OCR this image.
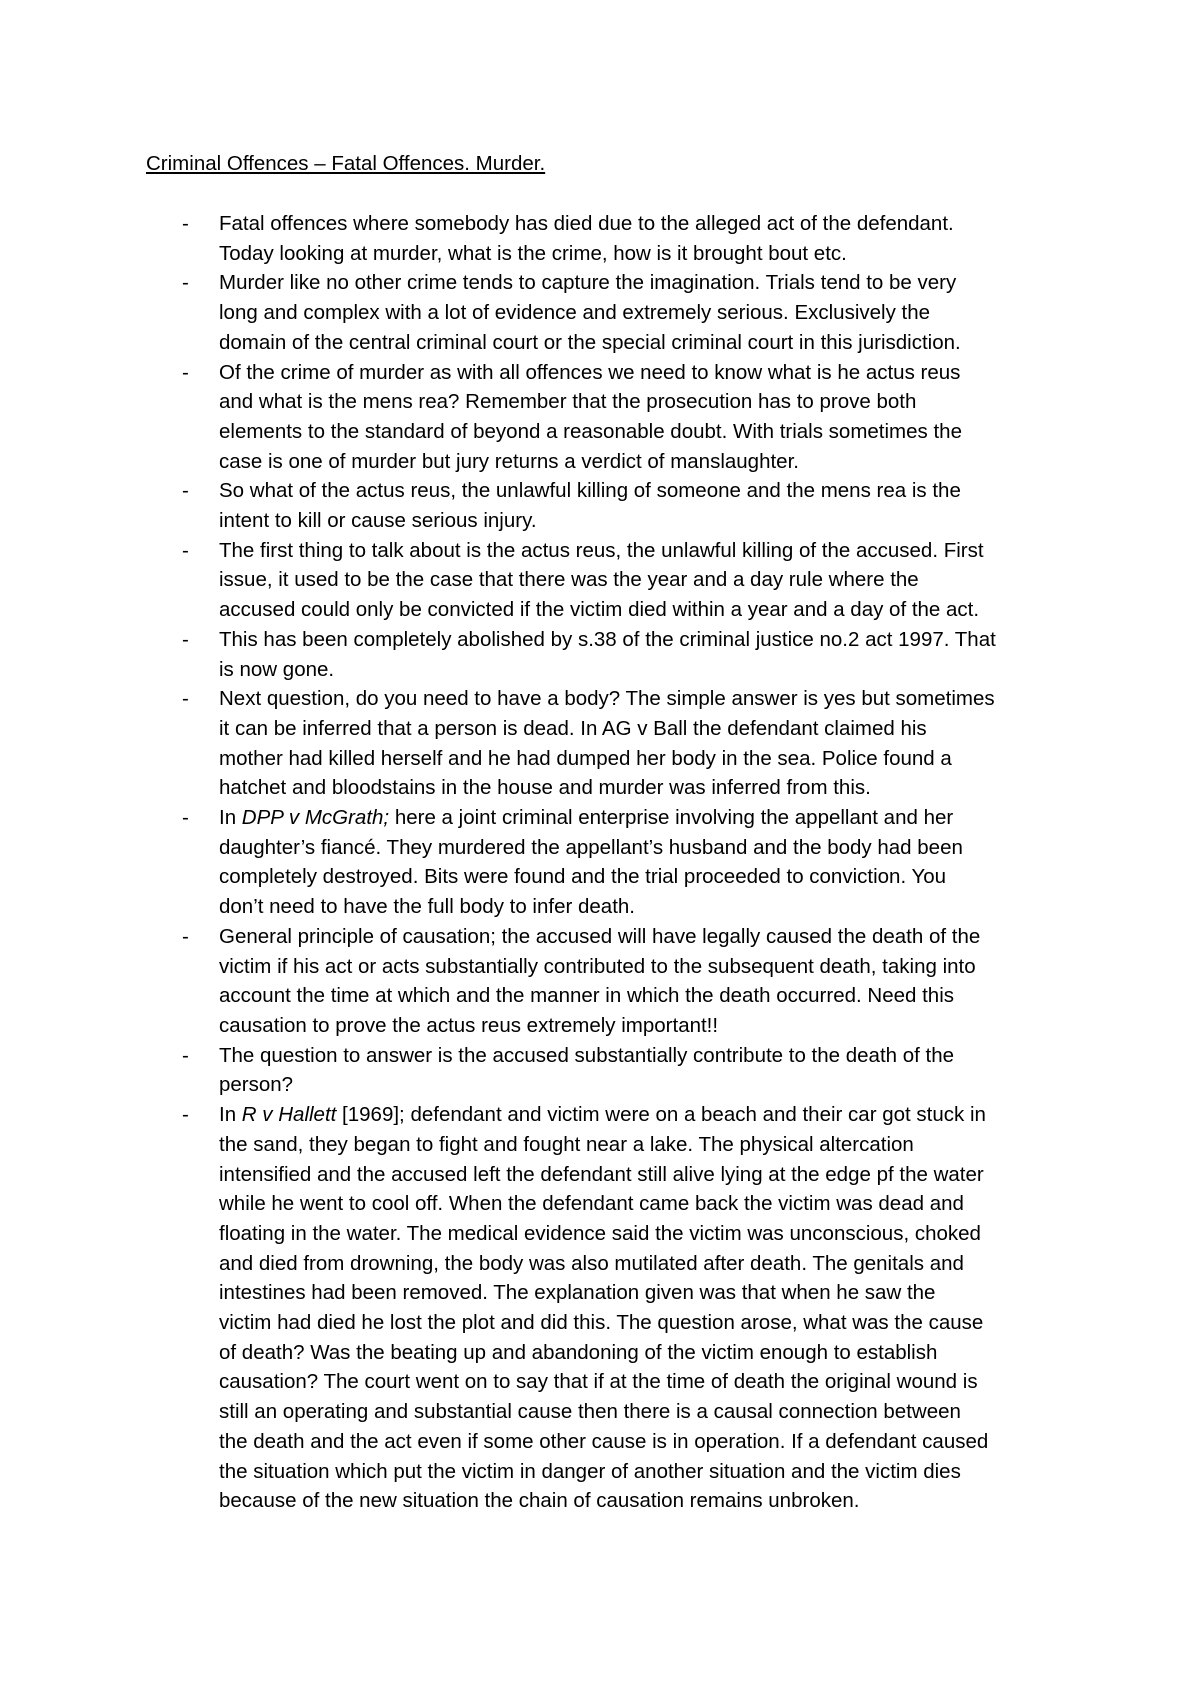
Criminal Offences – Fatal Offences. Murder.
- Fatal offences where somebody has died due to the alleged act of the defendant.
Today looking at murder, what is the crime, how is it brought bout etc.
- Murder like no other crime tends to capture the imagination. Trials tend to be very
long and complex with a lot of evidence and extremely serious. Exclusively the
domain of the central criminal court or the special criminal court in this jurisdiction.
- Of the crime of murder as with all offences we need to know what is he actus reus
and what is the mens rea? Remember that the prosecution has to prove both
elements to the standard of beyond a reasonable doubt. With trials sometimes the
case is one of murder but jury returns a verdict of manslaughter.
- So what of the actus reus, the unlawful killing of someone and the mens rea is the
intent to kill or cause serious injury.
- The first thing to talk about is the actus reus, the unlawful killing of the accused. First
issue, it used to be the case that there was the year and a day rule where the
accused could only be convicted if the victim died within a year and a day of the act.
- This has been completely abolished by s.38 of the criminal justice no.2 act 1997. That
is now gone.
- Next question, do you need to have a body? The simple answer is yes but sometimes
it can be inferred that a person is dead. In AG v Ball the defendant claimed his
mother had killed herself and he had dumped her body in the sea. Police found a
hatchet and bloodstains in the house and murder was inferred from this.
- In DPP v McGrath; here a joint criminal enterprise involving the appellant and her
daughter’s fiancé. They murdered the appellant’s husband and the body had been
completely destroyed. Bits were found and the trial proceeded to conviction. You
don’t need to have the full body to infer death.
- General principle of causation; the accused will have legally caused the death of the
victim if his act or acts substantially contributed to the subsequent death, taking into
account the time at which and the manner in which the death occurred. Need this
causation to prove the actus reus extremely important!!
- The question to answer is the accused substantially contribute to the death of the
person?
- In R v Hallett [1969]; defendant and victim were on a beach and their car got stuck in
the sand, they began to fight and fought near a lake. The physical altercation
intensified and the accused left the defendant still alive lying at the edge pf the water
while he went to cool off. When the defendant came back the victim was dead and
floating in the water. The medical evidence said the victim was unconscious, choked
and died from drowning, the body was also mutilated after death. The genitals and
intestines had been removed. The explanation given was that when he saw the
victim had died he lost the plot and did this. The question arose, what was the cause
of death? Was the beating up and abandoning of the victim enough to establish
causation? The court went on to say that if at the time of death the original wound is
still an operating and substantial cause then there is a causal connection between
the death and the act even if some other cause is in operation. If a defendant caused
the situation which put the victim in danger of another situation and the victim dies
because of the new situation the chain of causation remains unbroken.
